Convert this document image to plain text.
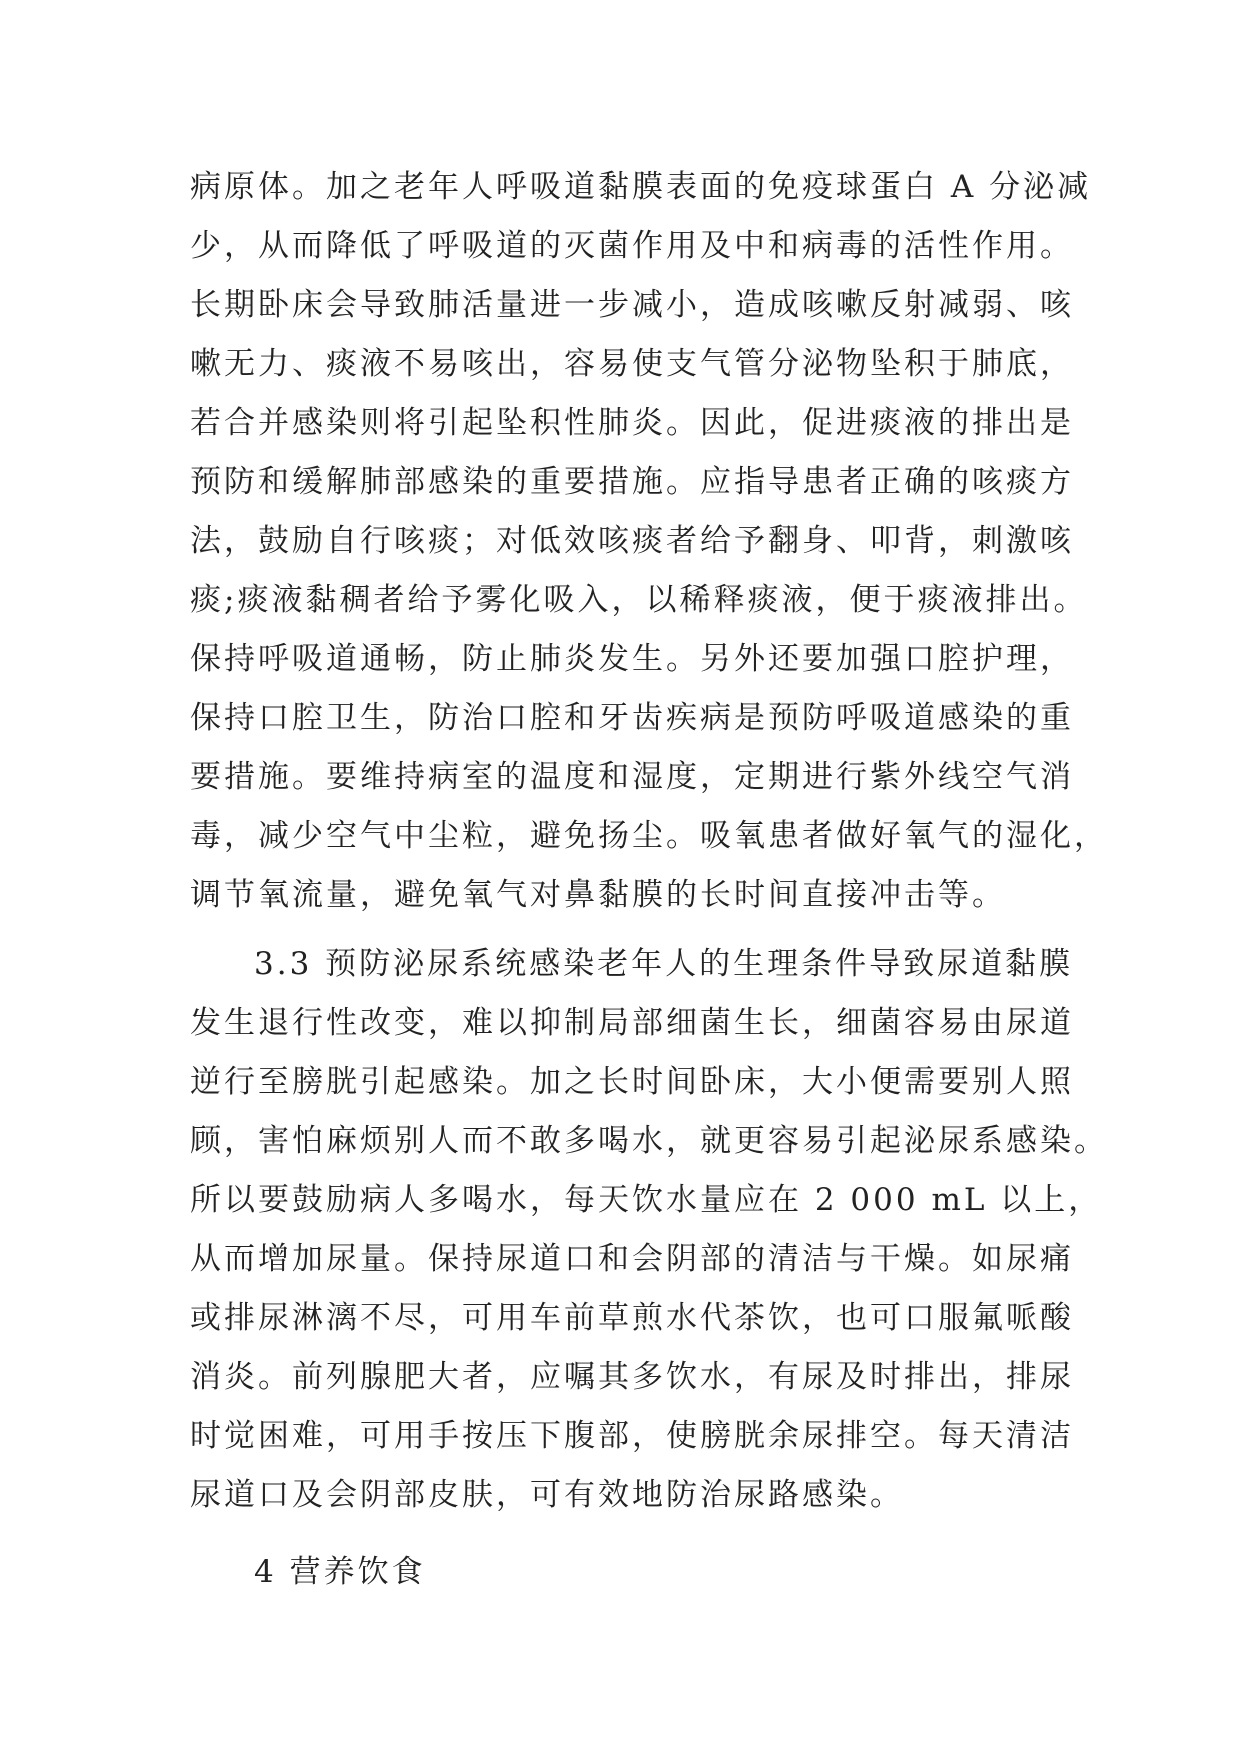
病原体。加之老年人呼吸道黏膜表面的免疫球蛋白 A 分泌减
少，从而降低了呼吸道的灭菌作用及中和病毒的活性作用。
长期卧床会导致肺活量进一步减小，造成咳嗽反射减弱、咳
嗽无力、痰液不易咳出，容易使支气管分泌物坠积于肺底，
若合并感染则将引起坠积性肺炎。因此，促进痰液的排出是
预防和缓解肺部感染的重要措施。应指导患者正确的咳痰方
法，鼓励自行咳痰；对低效咳痰者给予翻身、叩背，刺激咳
痰;痰液黏稠者给予雾化吸入，以稀释痰液，便于痰液排出。
保持呼吸道通畅，防止肺炎发生。另外还要加强口腔护理，
保持口腔卫生，防治口腔和牙齿疾病是预防呼吸道感染的重
要措施。要维持病室的温度和湿度，定期进行紫外线空气消
毒，减少空气中尘粒，避免扬尘。吸氧患者做好氧气的湿化，
调节氧流量，避免氧气对鼻黏膜的长时间直接冲击等。
3.3 预防泌尿系统感染老年人的生理条件导致尿道黏膜
发生退行性改变，难以抑制局部细菌生长，细菌容易由尿道
逆行至膀胱引起感染。加之长时间卧床，大小便需要别人照
顾，害怕麻烦别人而不敢多喝水，就更容易引起泌尿系感染。
所以要鼓励病人多喝水，每天饮水量应在 2 000 mL 以上，
从而增加尿量。保持尿道口和会阴部的清洁与干燥。如尿痛
或排尿淋漓不尽，可用车前草煎水代茶饮，也可口服氟哌酸
消炎。前列腺肥大者，应嘱其多饮水，有尿及时排出，排尿
时觉困难，可用手按压下腹部，使膀胱余尿排空。每天清洁
尿道口及会阴部皮肤，可有效地防治尿路感染。
4 营养饮食
